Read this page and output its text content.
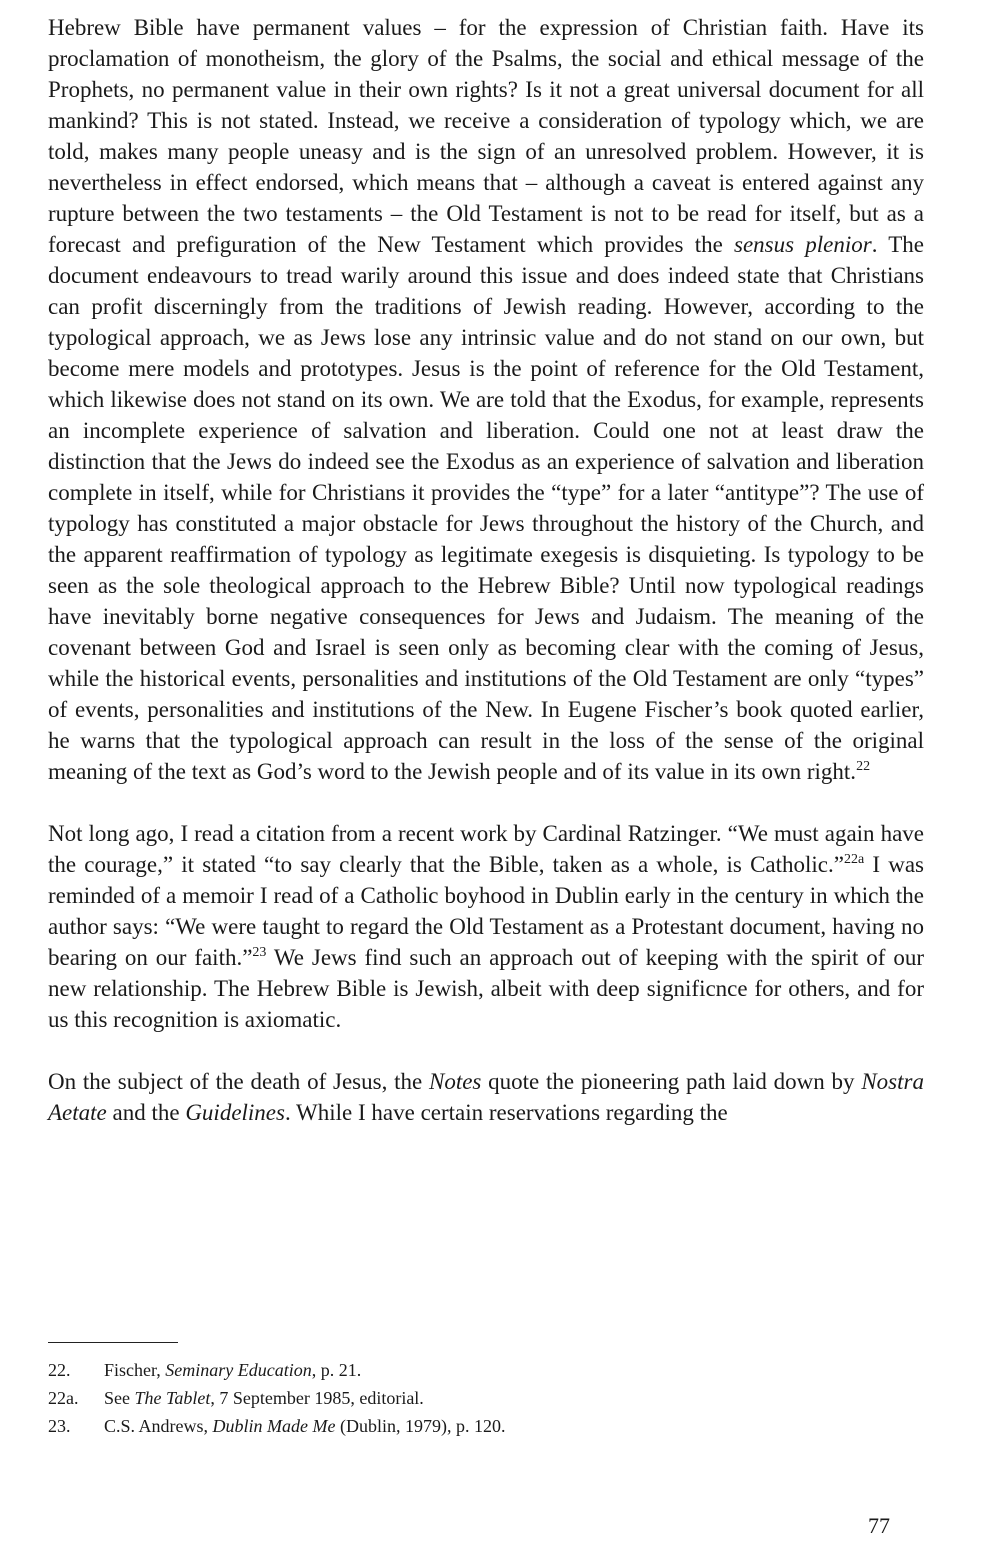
Hebrew Bible have permanent values – for the expression of Christian faith. Have its proclamation of monotheism, the glory of the Psalms, the social and ethical message of the Prophets, no permanent value in their own rights? Is it not a great universal document for all mankind? This is not stated. Instead, we receive a consideration of typology which, we are told, makes many people uneasy and is the sign of an unresolved problem. However, it is nevertheless in effect endorsed, which means that – although a caveat is entered against any rupture between the two testaments – the Old Testament is not to be read for itself, but as a forecast and prefiguration of the New Testament which provides the sensus plenior. The document endeavours to tread warily around this issue and does indeed state that Christians can profit discerningly from the traditions of Jewish reading. However, according to the typological approach, we as Jews lose any intrinsic value and do not stand on our own, but become mere models and prototypes. Jesus is the point of reference for the Old Testament, which likewise does not stand on its own. We are told that the Exodus, for example, represents an incomplete experience of salvation and liberation. Could one not at least draw the distinction that the Jews do indeed see the Exodus as an experience of salvation and liberation complete in itself, while for Christians it provides the “type” for a later “antitype”? The use of typology has constituted a major obstacle for Jews throughout the history of the Church, and the apparent reaffirmation of typology as legitimate exegesis is disquieting. Is typology to be seen as the sole theological approach to the Hebrew Bible? Until now typological readings have inevitably borne negative consequences for Jews and Judaism. The meaning of the covenant between God and Israel is seen only as becoming clear with the coming of Jesus, while the historical events, personalities and institutions of the Old Testament are only “types” of events, personalities and institutions of the New. In Eugene Fischer’s book quoted earlier, he warns that the typological approach can result in the loss of the sense of the original meaning of the text as God’s word to the Jewish people and of its value in its own right.$^{22}$

Not long ago, I read a citation from a recent work by Cardinal Ratzinger. “We must again have the courage,” it stated “to say clearly that the Bible, taken as a whole, is Catholic.”$^{22a}$ I was reminded of a memoir I read of a Catholic boyhood in Dublin early in the century in which the author says: “We were taught to regard the Old Testament as a Protestant document, having no bearing on our faith.”$^{23}$ We Jews find such an approach out of keeping with the spirit of our new relationship. The Hebrew Bible is Jewish, albeit with deep significnce for others, and for us this recognition is axiomatic.

On the subject of the death of Jesus, the Notes quote the pioneering path laid down by Nostra Aetate and the Guidelines. While I have certain reservations regarding the

22. Fischer, Seminary Education, p. 21.

22a. See The Tablet, 7 September 1985, editorial.

23. C.S. Andrews, Dublin Made Me (Dublin, 1979), p. 120.

77
